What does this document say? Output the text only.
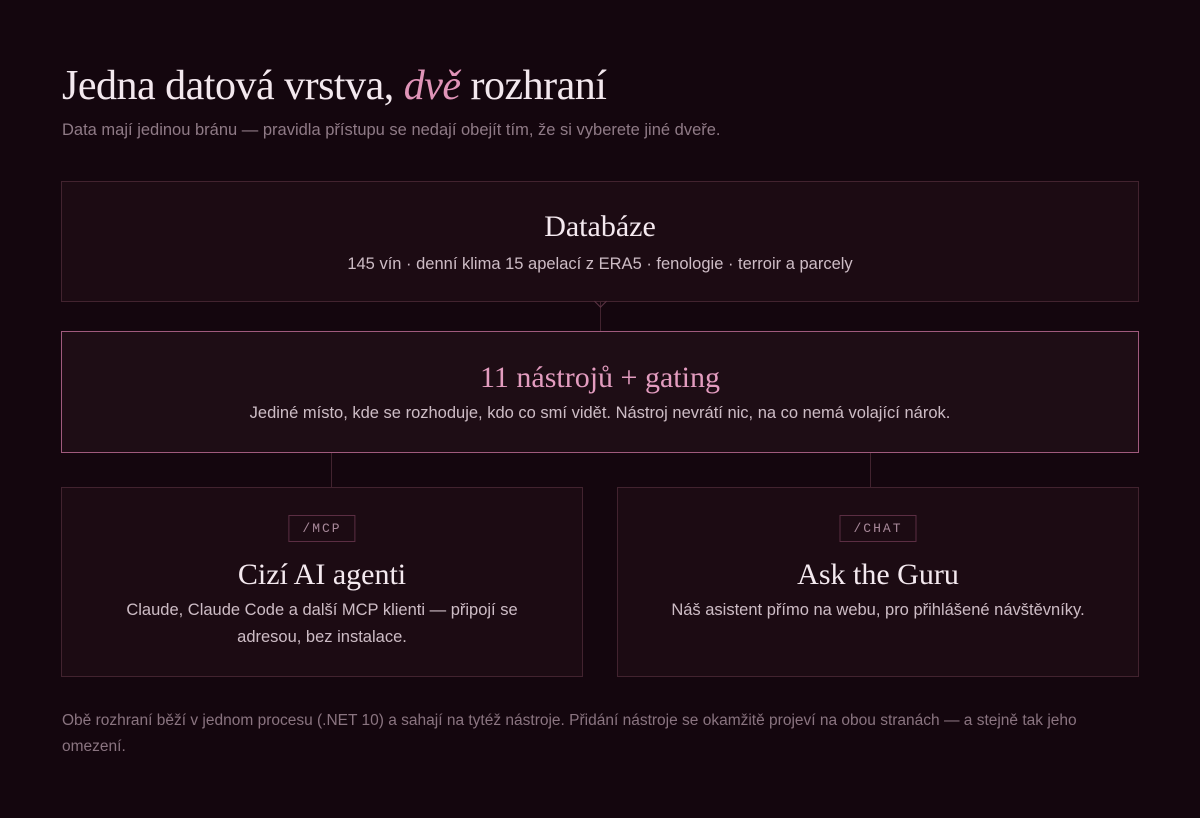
Jedna datová vrstva, dvě rozhraní

Data mají jedinou bránu — pravidla přístupu se nedají obejít tím, že si vyberete jiné dveře.

Databáze
145 vín · denní klima 15 apelací z ERA5 · fenologie · terroir a parcely
11 nástrojů + gating
Jediné místo, kde se rozhoduje, kdo co smí vidět. Nástroj nevrátí nic, na co nemá volající nárok.
/MCP
Cizí AI agenti
Claude, Claude Code a další MCP klienti — připojí se adresou, bez instalace.
/CHAT
Ask the Guru
Náš asistent přímo na webu, pro přihlášené návštěvníky.

Obě rozhraní běží v jednom procesu (.NET 10) a sahají na tytéž nástroje. Přidání nástroje se okamžitě projeví na obou stranách — a stejně tak jeho omezení.
